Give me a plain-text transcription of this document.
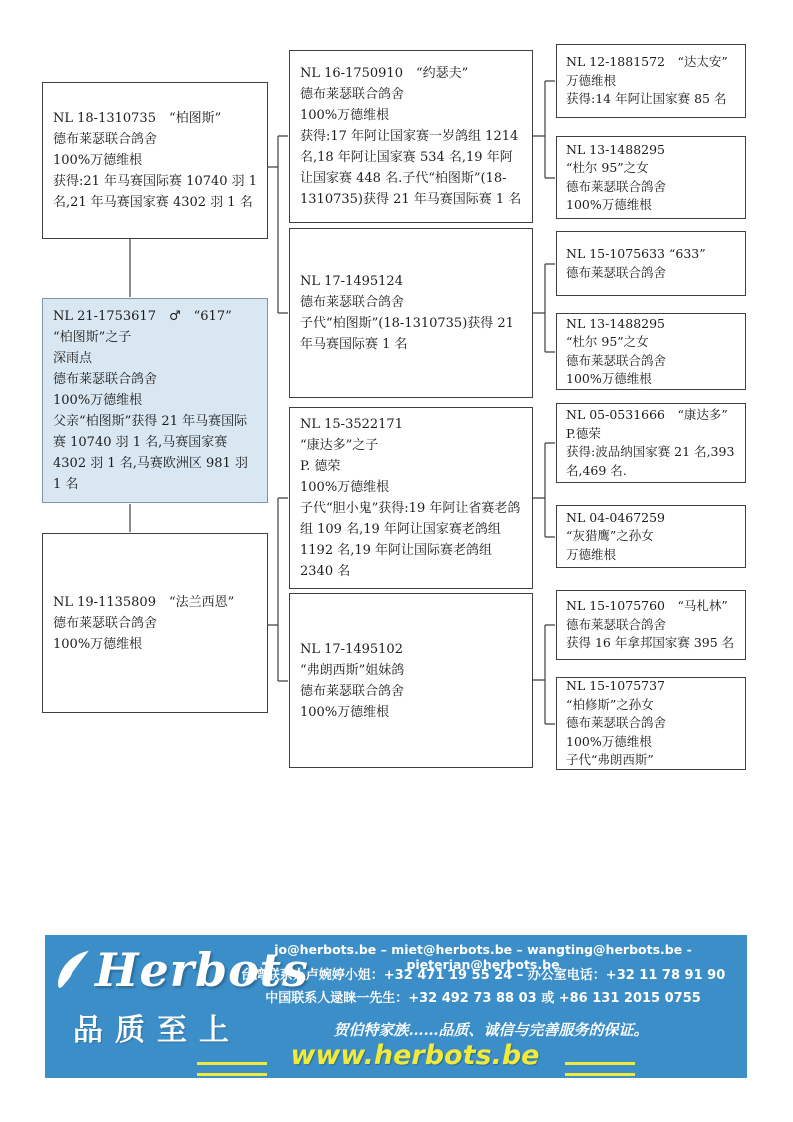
NL 18-1310735　“柏图斯”
德布莱瑟联合鸽舍
100%万德维根
获得:21 年马赛国际赛 10740 羽 1 名,21 年马赛国家赛 4302 羽 1 名
NL 21-1753617　♂　“617”
“柏图斯”之子
深雨点
德布莱瑟联合鸽舍
100%万德维根
父亲“柏图斯”获得 21 年马赛国际赛 10740 羽 1 名,马赛国家赛 4302 羽 1 名,马赛欧洲区 981 羽 1 名
NL 19-1135809　“法兰西恩”
德布莱瑟联合鸽舍
100%万德维根
NL 16-1750910　“约瑟夫”
德布莱瑟联合鸽舍
100%万德维根
获得:17 年阿让国家赛一岁鸽组 1214 名,18 年阿让国家赛 534 名,19 年阿让国家赛 448 名.子代“柏图斯”(18-1310735)获得 21 年马赛国际赛 1 名
NL 17-1495124
德布莱瑟联合鸽舍
子代“柏图斯”(18-1310735)获得 21 年马赛国际赛 1 名
NL 15-3522171
“康达多”之子
P. 德荣
100%万德维根
子代“胆小鬼”获得:19 年阿让省赛老鸽组 109 名,19 年阿让国家赛老鸽组 1192 名,19 年阿让国际赛老鸽组 2340 名
NL 17-1495102
“弗朗西斯”姐妹鸽
德布莱瑟联合鸽舍
100%万德维根
NL 12-1881572　“达太安”
万德维根
获得:14 年阿让国家赛 85 名
NL 13-1488295
“杜尔 95”之女
德布莱瑟联合鸽舍
100%万德维根
NL 15-1075633 “633”
德布莱瑟联合鸽舍
NL 13-1488295
“杜尔 95”之女
德布莱瑟联合鸽舍
100%万德维根
NL 05-0531666　“康达多”
P.德荣
获得:波品纳国家赛 21 名,393 名,469 名.
NL 04-0467259
“灰猎鹰”之孙女
万德维根
NL 15-1075760　“马札林”
德布莱瑟联合鸽舍
获得 16 年拿邦国家赛 395 名
NL 15-1075737
“柏修斯”之孙女
德布莱瑟联合鸽舍
100%万德维根
子代“弗朗西斯”
Herbots
品质至上
jo@herbots.be – miet@herbots.be – wangting@herbots.be - pieterjan@herbots.be
台湾联系人卢婉婷小姐：+32 471 19 55 24 – 办公室电话：+32 11 78 91 90
中国联系人逯睐一先生：+32 492 73 88 03 或 +86 131 2015 0755
贺伯特家族……品质、诚信与完善服务的保证。
www.herbots.be
